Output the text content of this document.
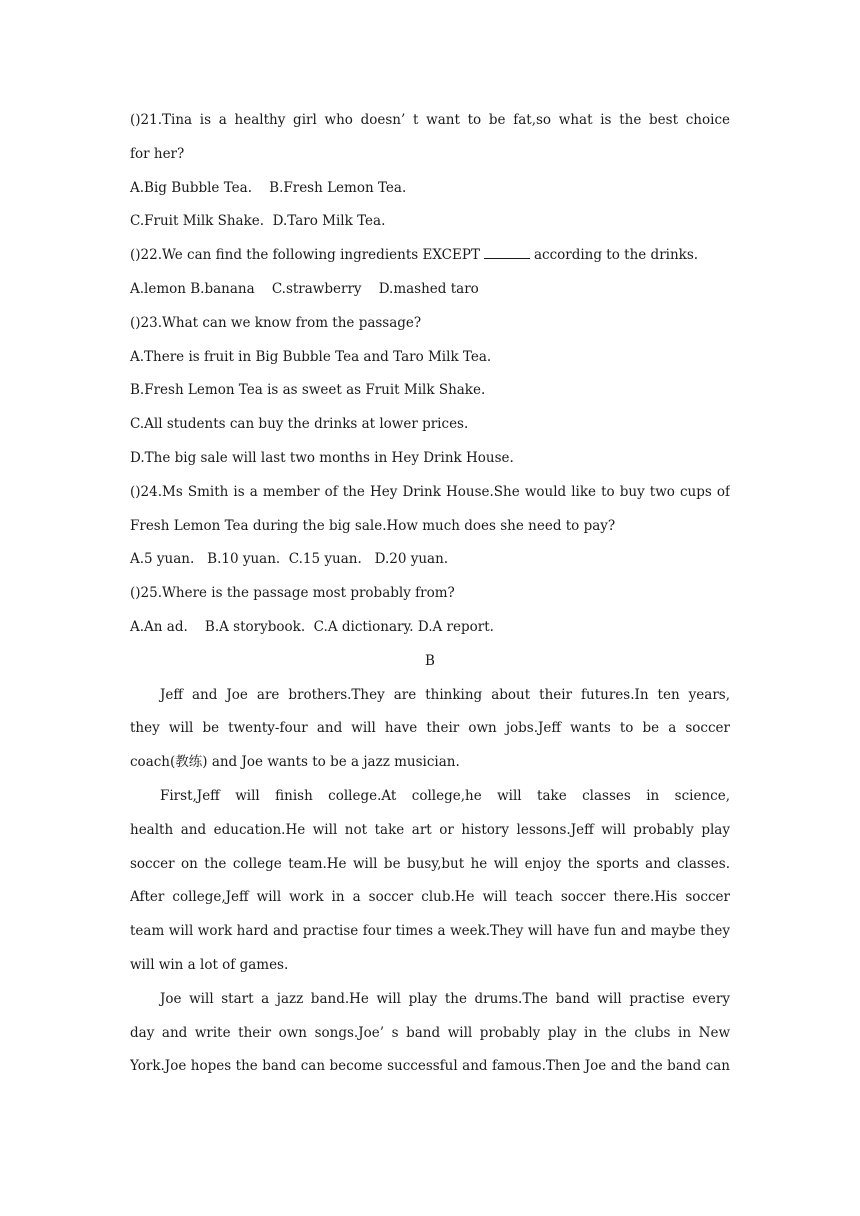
()21.Tina is a healthy girl who doesn’ t want to be fat,so what is the best choice
for her?
A.Big Bubble Tea.    B.Fresh Lemon Tea.
C.Fruit Milk Shake.  D.Taro Milk Tea.
()22.We can find the following ingredients EXCEPT	according to the drinks.
A.lemon B.banana    C.strawberry    D.mashed taro
()23.What can we know from the passage?
A.There is fruit in Big Bubble Tea and Taro Milk Tea.
B.Fresh Lemon Tea is as sweet as Fruit Milk Shake.
C.All students can buy the drinks at lower prices.
D.The big sale will last two months in Hey Drink House.
()24.Ms Smith is a member of the Hey Drink House.She would like to buy two cups of
Fresh Lemon Tea during the big sale.How much does she need to pay?
A.5 yuan.   B.10 yuan.  C.15 yuan.   D.20 yuan.
()25.Where is the passage most probably from?
A.An ad.    B.A storybook.  C.A dictionary. D.A report.
B
Jeff and Joe are brothers.They are thinking about their futures.In ten years,
they will be twenty-four and will have their own jobs.Jeff wants to be a soccer
coach(教练) and Joe wants to be a jazz musician.
First,Jeff will finish college.At college,he will take classes in science,
health and education.He will not take art or history lessons.Jeff will probably play
soccer on the college team.He will be busy,but he will enjoy the sports and classes.
After college,Jeff will work in a soccer club.He will teach soccer there.His soccer
team will work hard and practise four times a week.They will have fun and maybe they
will win a lot of games.
Joe will start a jazz band.He will play the drums.The band will practise every
day and write their own songs.Joe’ s band will probably play in the clubs in New
York.Joe hopes the band can become successful and famous.Then Joe and the band can
